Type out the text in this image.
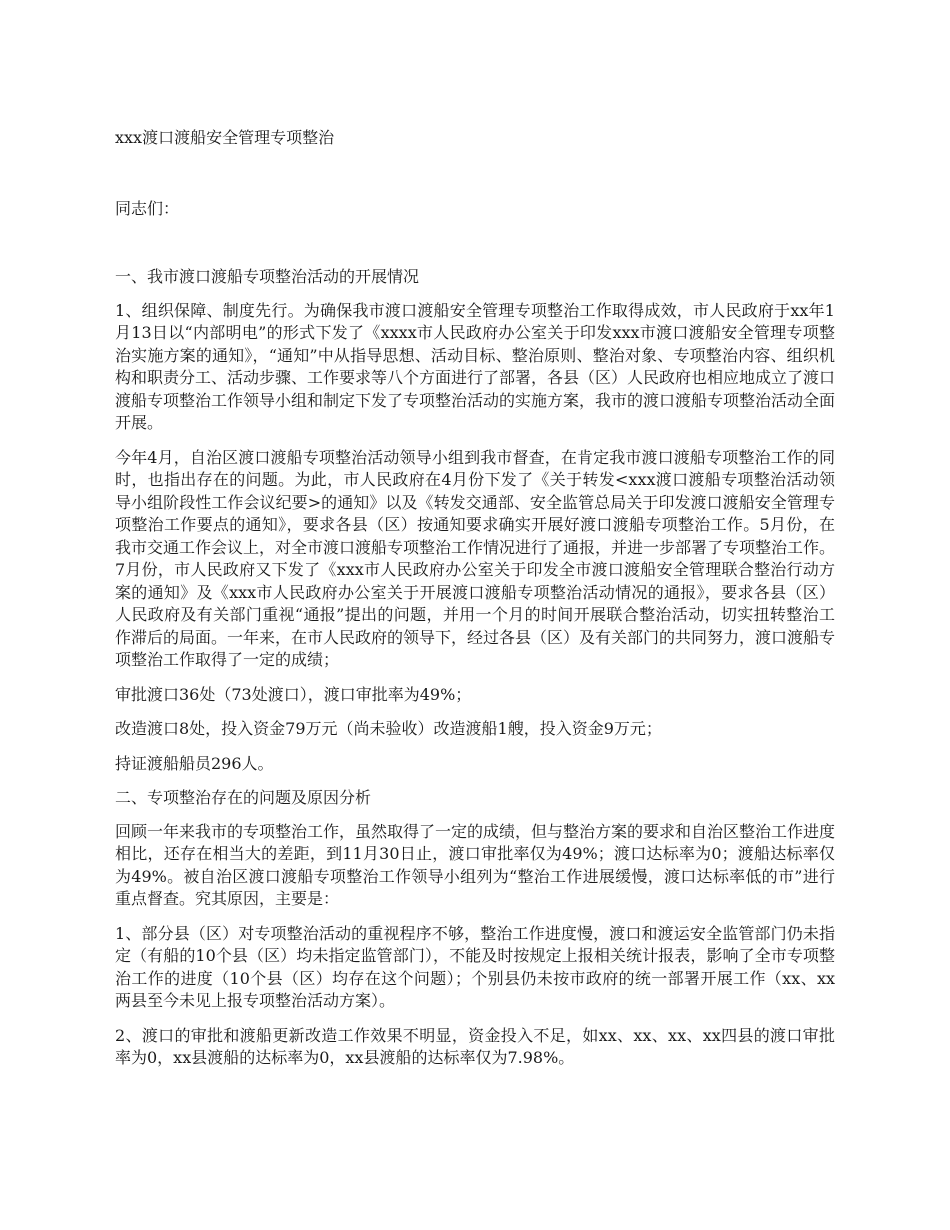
xxx渡口渡船安全管理专项整治

同志们：

一、我市渡口渡船专项整治活动的开展情况

1、组织保障、制度先行。为确保我市渡口渡船安全管理专项整治工作取得成效，市人民政府于xx年1月13日以“内部明电”的形式下发了《xxxx市人民政府办公室关于印发xxx市渡口渡船安全管理专项整治实施方案的通知》，“通知”中从指导思想、活动目标、整治原则、整治对象、专项整治内容、组织机构和职责分工、活动步骤、工作要求等八个方面进行了部署，各县（区）人民政府也相应地成立了渡口渡船专项整治工作领导小组和制定下发了专项整治活动的实施方案，我市的渡口渡船专项整治活动全面开展。

今年4月，自治区渡口渡船专项整治活动领导小组到我市督查，在肯定我市渡口渡船专项整治工作的同时，也指出存在的问题。为此，市人民政府在4月份下发了《关于转发<xxx渡口渡船专项整治活动领导小组阶段性工作会议纪要>的通知》以及《转发交通部、安全监管总局关于印发渡口渡船安全管理专项整治工作要点的通知》，要求各县（区）按通知要求确实开展好渡口渡船专项整治工作。5月份，在我市交通工作会议上，对全市渡口渡船专项整治工作情况进行了通报，并进一步部署了专项整治工作。7月份，市人民政府又下发了《xxx市人民政府办公室关于印发全市渡口渡船安全管理联合整治行动方案的通知》及《xxx市人民政府办公室关于开展渡口渡船专项整治活动情况的通报》，要求各县（区）人民政府及有关部门重视“通报”提出的问题，并用一个月的时间开展联合整治活动，切实扭转整治工作滞后的局面。一年来，在市人民政府的领导下，经过各县（区）及有关部门的共同努力，渡口渡船专项整治工作取得了一定的成绩；

审批渡口36处（73处渡口），渡口审批率为49%；

改造渡口8处，投入资金79万元（尚未验收）改造渡船1艘，投入资金9万元；

持证渡船船员296人。

二、专项整治存在的问题及原因分析

回顾一年来我市的专项整治工作，虽然取得了一定的成绩，但与整治方案的要求和自治区整治工作进度相比，还存在相当大的差距，到11月30日止，渡口审批率仅为49%；渡口达标率为0；渡船达标率仅为49%。被自治区渡口渡船专项整治工作领导小组列为“整治工作进展缓慢，渡口达标率低的市”进行重点督查。究其原因，主要是：

1、部分县（区）对专项整治活动的重视程序不够，整治工作进度慢，渡口和渡运安全监管部门仍未指定（有船的10个县（区）均未指定监管部门），不能及时按规定上报相关统计报表，影响了全市专项整治工作的进度（10个县（区）均存在这个问题）；个别县仍未按市政府的统一部署开展工作（xx、xx两县至今未见上报专项整治活动方案）。

2、渡口的审批和渡船更新改造工作效果不明显，资金投入不足，如xx、xx、xx、xx四县的渡口审批率为0，xx县渡船的达标率为0，xx县渡船的达标率仅为7.98%。
